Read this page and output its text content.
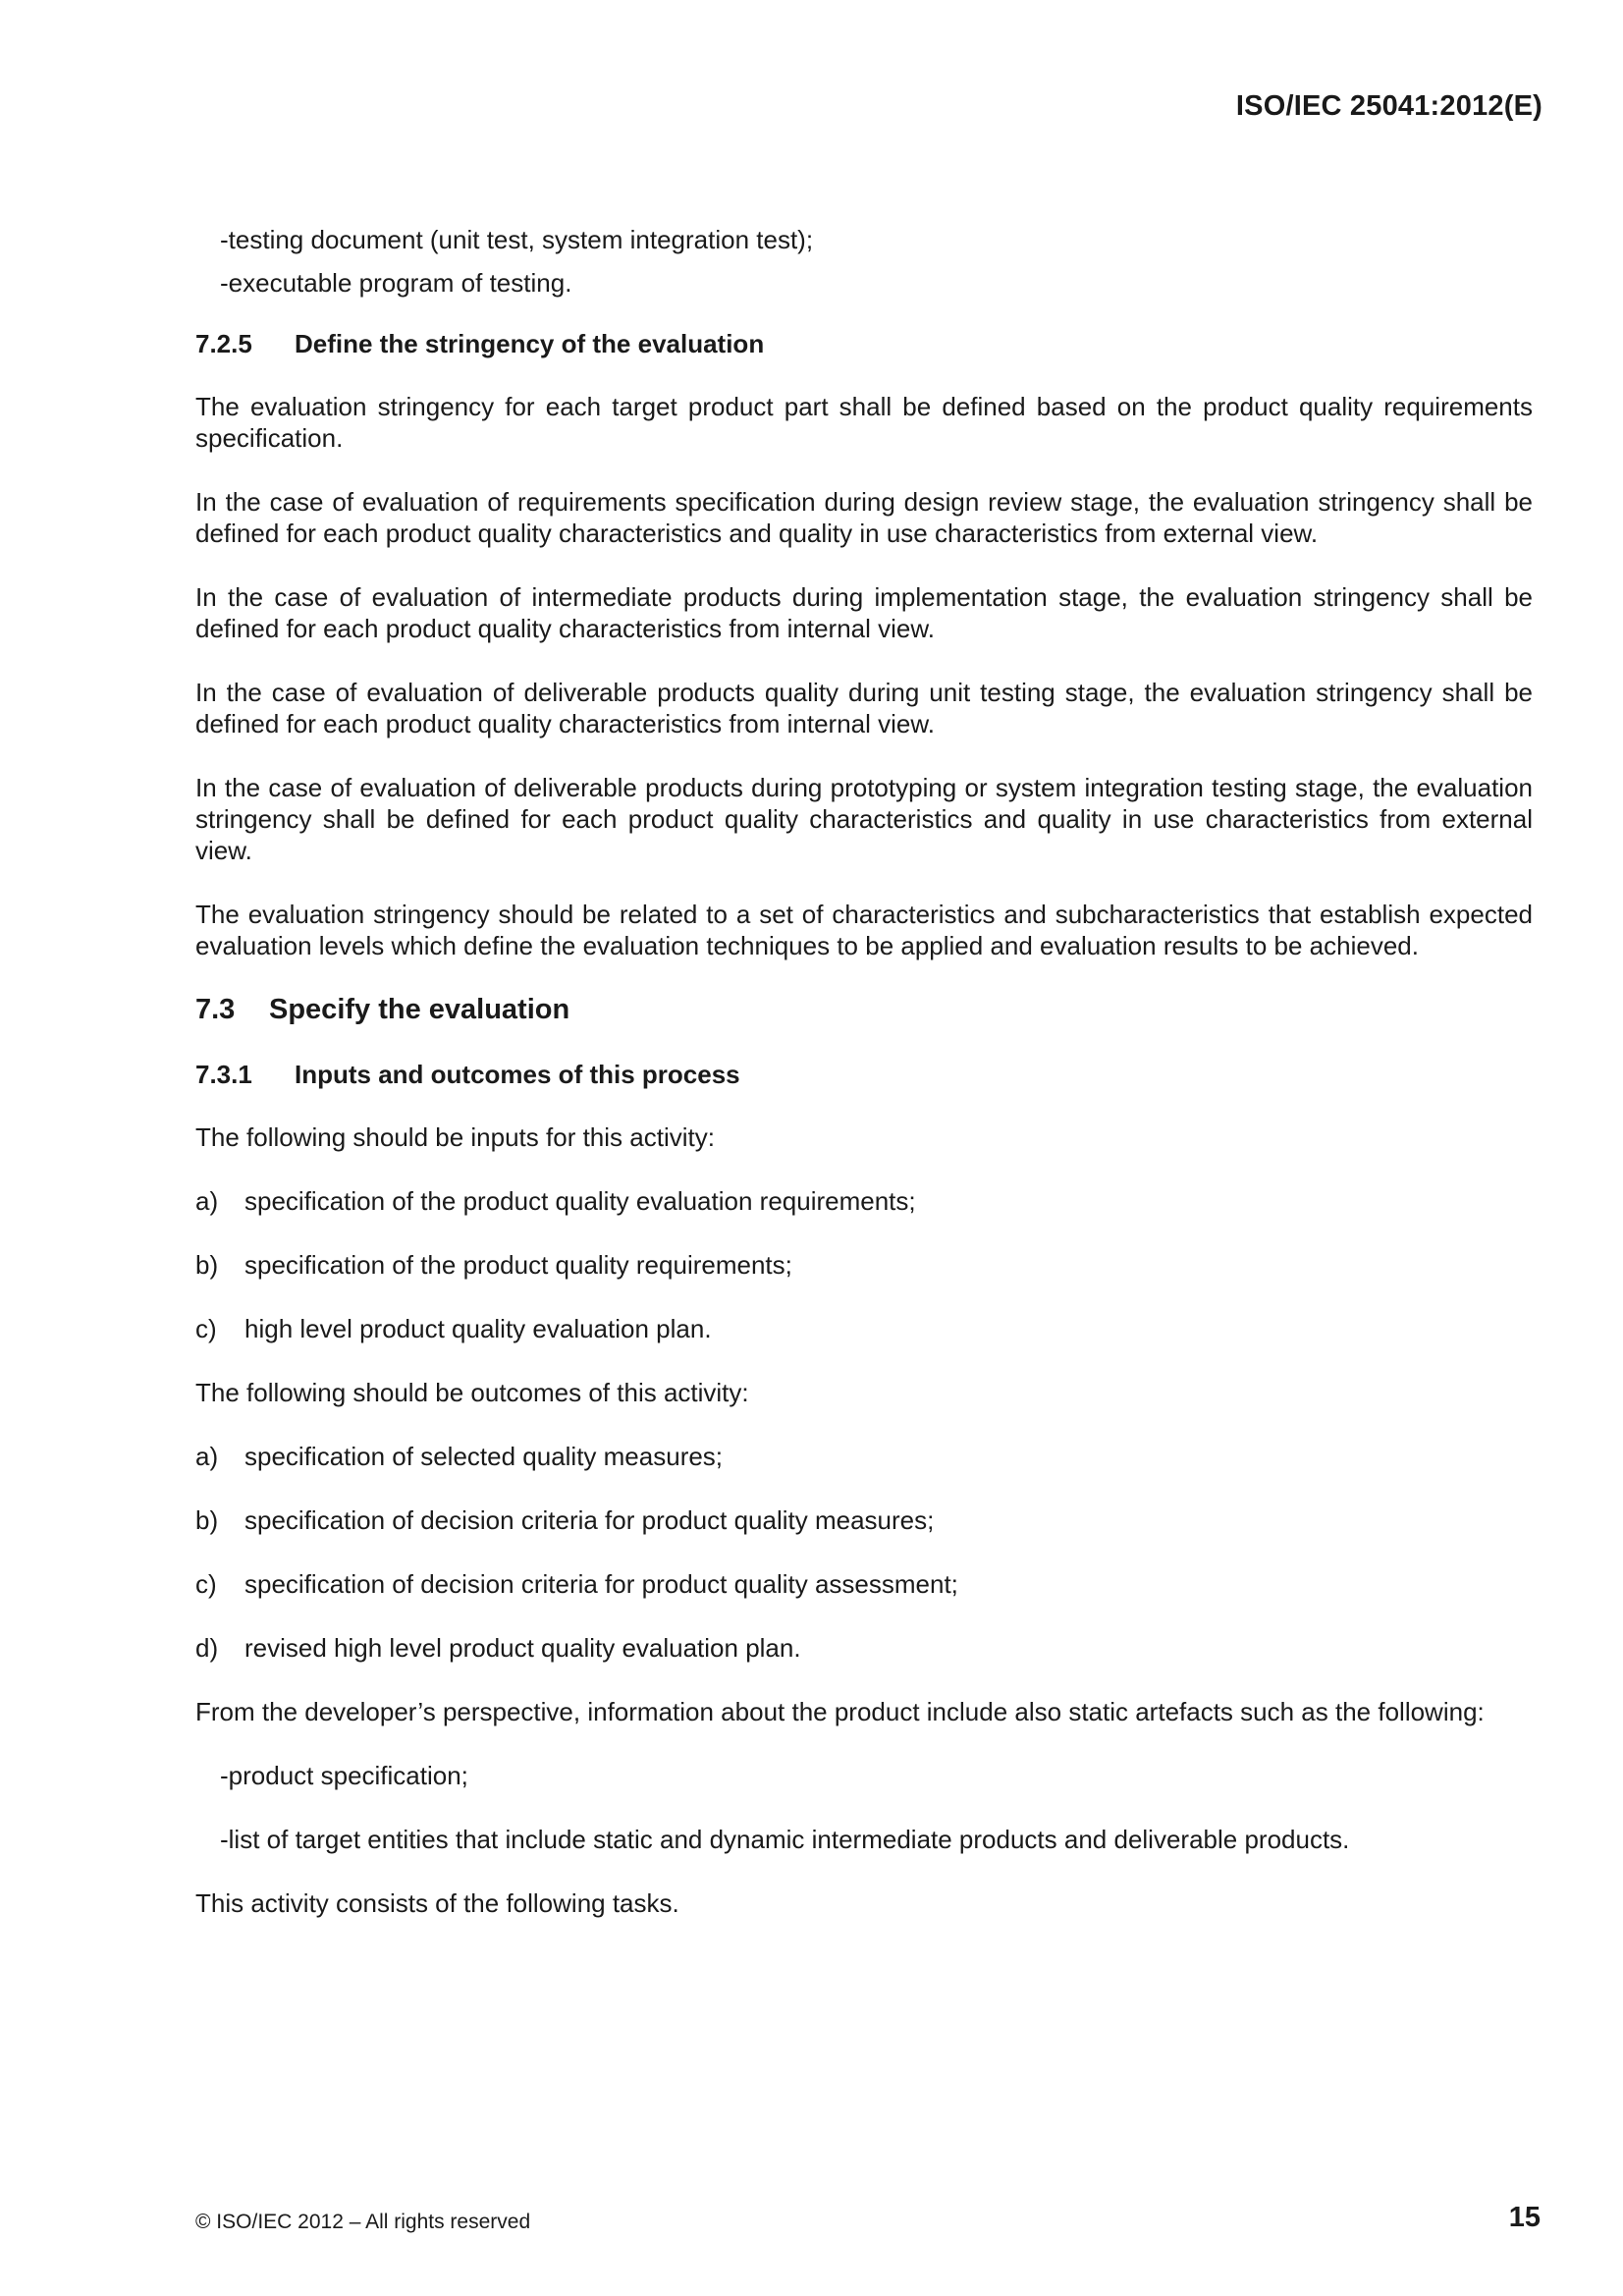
ISO/IEC 25041:2012(E)
-testing document (unit test, system integration test);
-executable program of testing.
7.2.5 Define the stringency of the evaluation
The evaluation stringency for each target product part shall be defined based on the product quality requirements specification.
In the case of evaluation of requirements specification during design review stage, the evaluation stringency shall be defined for each product quality characteristics and quality in use characteristics from external view.
In the case of evaluation of intermediate products during implementation stage, the evaluation stringency shall be defined for each product quality characteristics from internal view.
In the case of evaluation of deliverable products quality during unit testing stage, the evaluation stringency shall be defined for each product quality characteristics from internal view.
In the case of evaluation of deliverable products during prototyping or system integration testing stage, the evaluation stringency shall be defined for each product quality characteristics and quality in use characteristics from external view.
The evaluation stringency should be related to a set of characteristics and subcharacteristics that establish expected evaluation levels which define the evaluation techniques to be applied and evaluation results to be achieved.
7.3 Specify the evaluation
7.3.1 Inputs and outcomes of this process
The following should be inputs for this activity:
a) specification of the product quality evaluation requirements;
b) specification of the product quality requirements;
c) high level product quality evaluation plan.
The following should be outcomes of this activity:
a) specification of selected quality measures;
b) specification of decision criteria for product quality measures;
c) specification of decision criteria for product quality assessment;
d) revised high level product quality evaluation plan.
From the developer’s perspective, information about the product include also static artefacts such as the following:
-product specification;
-list of target entities that include static and dynamic intermediate products and deliverable products.
This activity consists of the following tasks.
© ISO/IEC 2012 – All rights reserved	15
